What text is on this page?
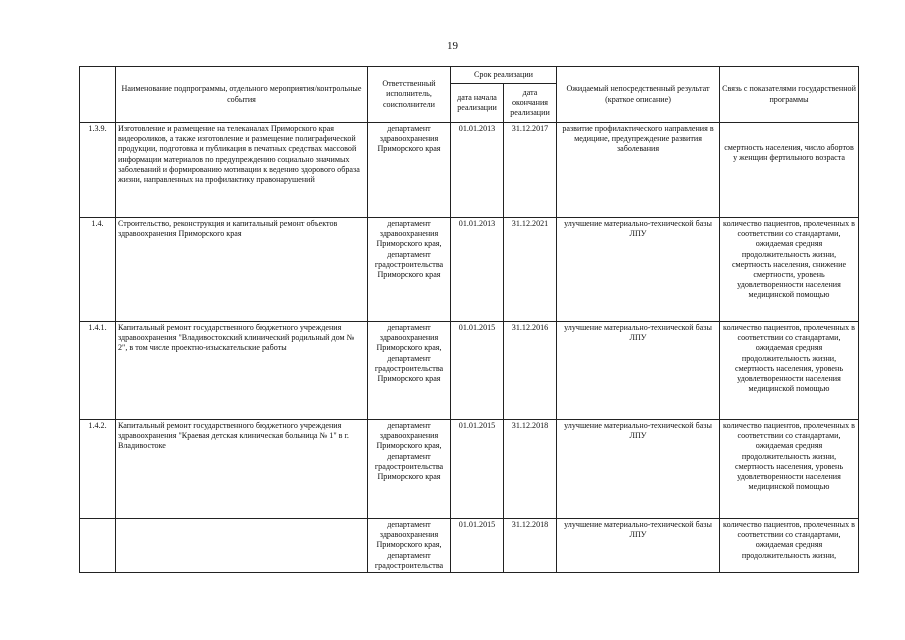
19
	Наименование подпрограммы, отдельного мероприятия/контрольные события	Ответственный исполнитель, соисполнители	Срок реализации		Ожидаемый непосредственный результат (краткое описание)	Связь с показателями государственной программы
			дата начала реализации	дата окончания реализации		
1.3.9.	Изготовление и размещение на телеканалах Приморского края видеороликов, а также изготовление и размещение полиграфической продукции, подготовка и публикация в печатных средствах массовой информации материалов по предупреждению социально значимых заболеваний и формированию мотивации к ведению здорового образа жизни, направленных на профилактику правонарушений	департамент здравоохранения Приморского края	01.01.2013	31.12.2017	развитие профилактического направления в медицине, предупреждение развития заболевания	смертность населения, число абортов у женщин фертильного возраста
1.4.	Строительство, реконструкция и капитальный ремонт объектов здравоохранения Приморского края	департамент здравоохранения Приморского края, департамент градостроительства Приморского края	01.01.2013	31.12.2021	улучшение материально-технической базы ЛПУ	количество пациентов, пролеченных в соответствии со стандартами, ожидаемая средняя продолжительность жизни, смертность населения, снижение смертности, уровень удовлетворенности населения медицинской помощью
1.4.1.	Капитальный ремонт государственного бюджетного учреждения здравоохранения "Владивостокский клинический родильный дом № 2", в том числе проектно-изыскательские работы	департамент здравоохранения Приморского края, департамент градостроительства Приморского края	01.01.2015	31.12.2016	улучшение материально-технической базы ЛПУ	количество пациентов, пролеченных в соответствии со стандартами, ожидаемая средняя продолжительность жизни, смертность населения, уровень удовлетворенности населения медицинской помощью
1.4.2.	Капитальный ремонт государственного бюджетного учреждения здравоохранения "Краевая детская клиническая больница № 1" в г. Владивостоке	департамент здравоохранения Приморского края, департамент градостроительства Приморского края	01.01.2015	31.12.2018	улучшение материально-технической базы ЛПУ	количество пациентов, пролеченных в соответствии со стандартами, ожидаемая средняя продолжительность жизни, смертность населения, уровень удовлетворенности населения медицинской помощью
		департамент здравоохранения Приморского края, департамент градостроительства	01.01.2015	31.12.2018	улучшение материально-технической базы ЛПУ	количество пациентов, пролеченных в соответствии со стандартами, ожидаемая средняя продолжительность жизни,
